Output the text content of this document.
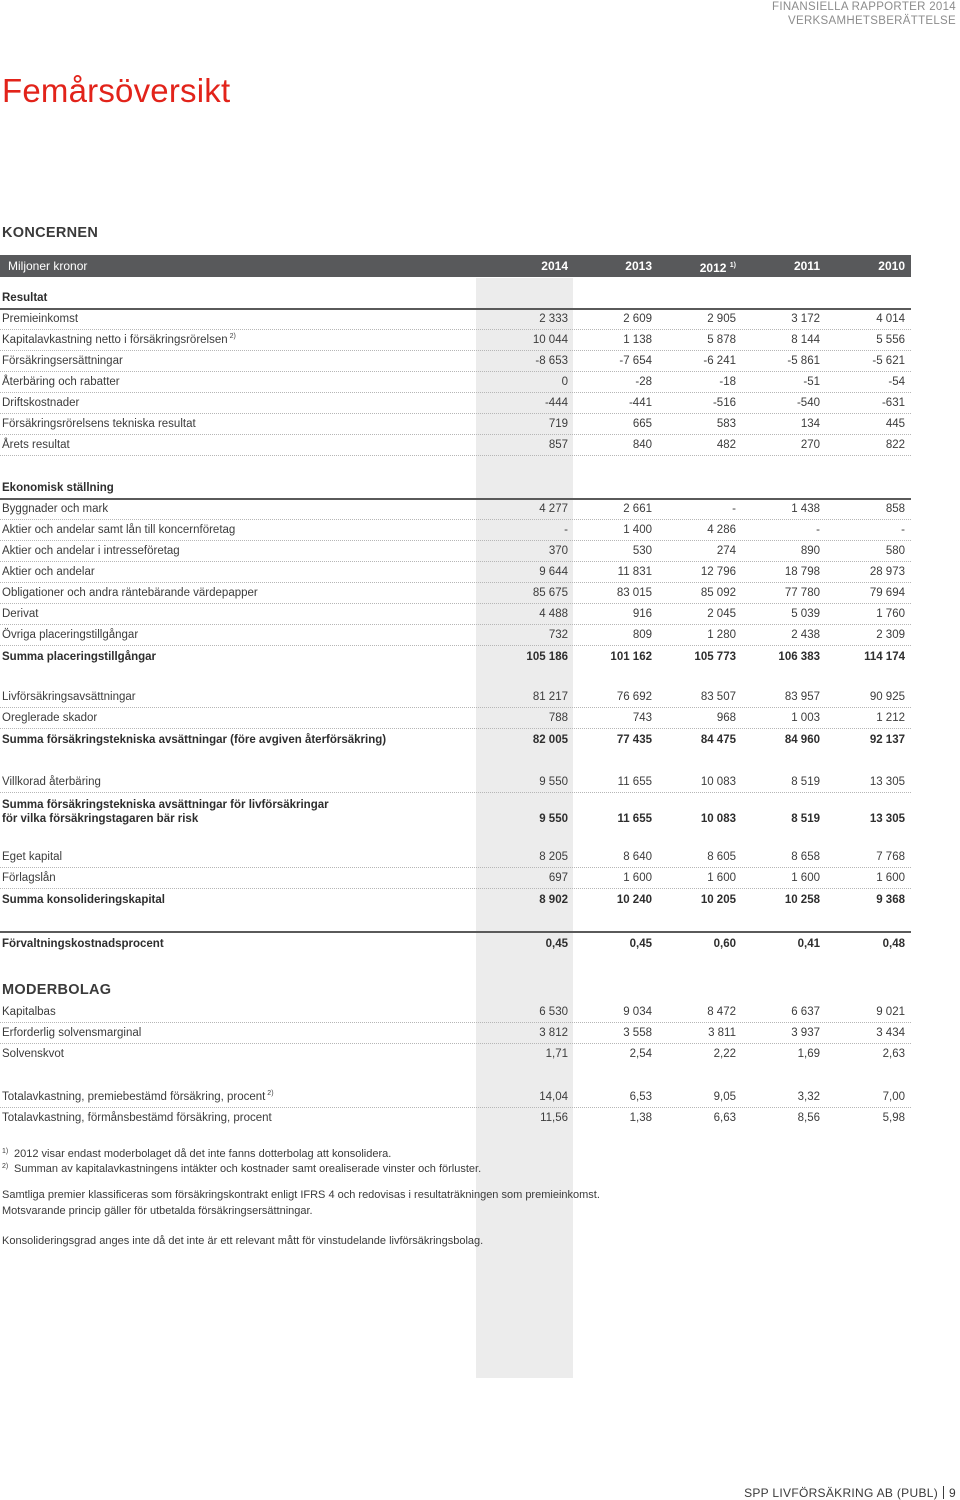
FINANSIELLA RAPPORTER 2014
VERKSAMHETSBERÄTTELSE
Femårsöversikt
KONCERNEN
Miljoner kronor	2014	2013	2012 $^{1)}$	2011	2010
MODERBOLAG
Resultat
Premieinkomst	2 333	2 609	2 905	3 172	4 014
Kapitalavkastning netto i försäkringsrörelsen $^{2)}$	10 044	1 138	5 878	8 144	5 556
Försäkringsersättningar	-8 653	-7 654	-6 241	-5 861	-5 621
Återbäring och rabatter	0	-28	-18	-51	-54
Driftskostnader	-444	-441	-516	-540	-631
Försäkringsrörelsens tekniska resultat	719	665	583	134	445
Årets resultat	857	840	482	270	822
Ekonomisk ställning
Byggnader och mark	4 277	2 661	-	1 438	858
Aktier och andelar samt lån till koncernföretag	-	1 400	4 286	-	-
Aktier och andelar i intresseföretag	370	530	274	890	580
Aktier och andelar	9 644	11 831	12 796	18 798	28 973
Obligationer och andra räntebärande värdepapper	85 675	83 015	85 092	77 780	79 694
Derivat	4 488	916	2 045	5 039	1 760
Övriga placeringstillgångar	732	809	1 280	2 438	2 309
Summa placeringstillgångar	105 186	101 162	105 773	106 383	114 174
Livförsäkringsavsättningar	81 217	76 692	83 507	83 957	90 925
Oreglerade skador	788	743	968	1 003	1 212
Summa försäkringstekniska avsättningar (före avgiven återförsäkring)	82 005	77 435	84 475	84 960	92 137
Villkorad återbäring	9 550	11 655	10 083	8 519	13 305
Summa försäkringstekniska avsättningar för livförsäkringar
för vilka försäkringstagaren bär risk	9 550	11 655	10 083	8 519	13 305
Eget kapital	8 205	8 640	8 605	8 658	7 768
Förlagslån	697	1 600	1 600	1 600	1 600
Summa konsolideringskapital	8 902	10 240	10 205	10 258	9 368
Förvaltningskostnadsprocent	0,45	0,45	0,60	0,41	0,48
Kapitalbas	6 530	9 034	8 472	6 637	9 021
Erforderlig solvensmarginal	3 812	3 558	3 811	3 937	3 434
Solvenskvot	1,71	2,54	2,22	1,69	2,63
Totalavkastning, premiebestämd försäkring, procent $^{2)}$	14,04	6,53	9,05	3,32	7,00
Totalavkastning, förmånsbestämd försäkring, procent	11,56	1,38	6,63	8,56	5,98
1) 2012 visar endast moderbolaget då det inte fanns dotterbolag att konsolidera.
2) Summan av kapitalavkastningens intäkter och kostnader samt orealiserade vinster och förluster.
Samtliga premier klassificeras som försäkringskontrakt enligt IFRS 4 och redovisas i resultaträkningen som premieinkomst.
Motsvarande princip gäller för utbetalda försäkringsersättningar.
Konsolideringsgrad anges inte då det inte är ett relevant mått för vinstudelande livförsäkringsbolag.
SPP LIVFÖRSÄKRING AB (PUBL) 9
